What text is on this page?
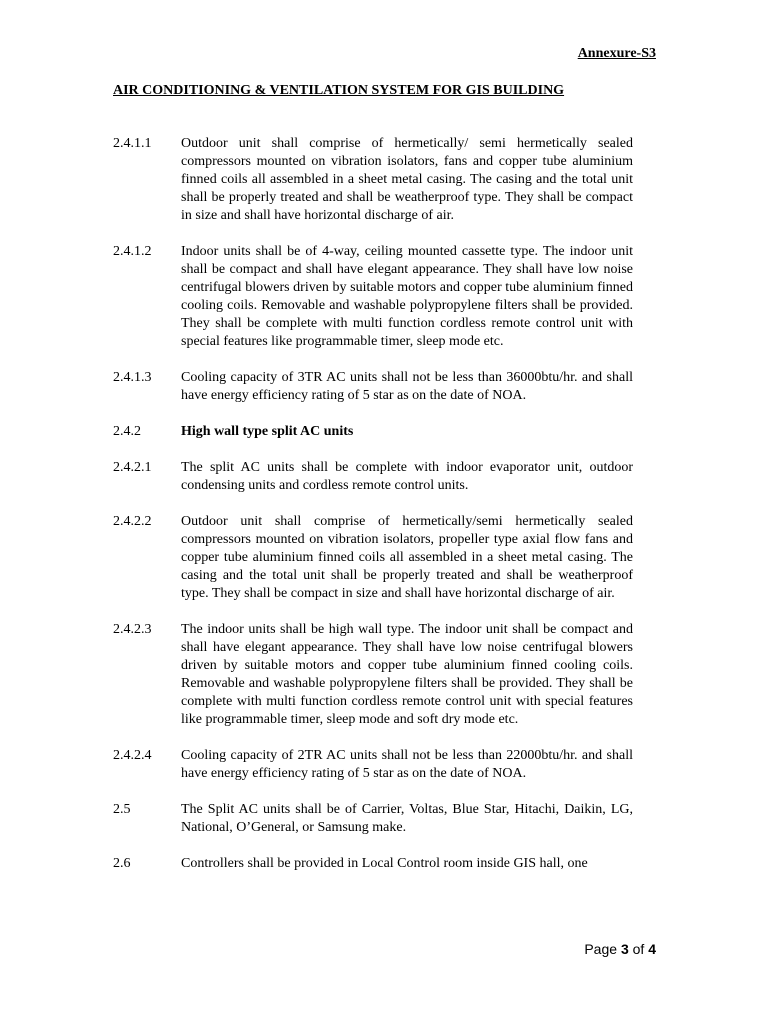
Annexure-S3
AIR CONDITIONING & VENTILATION SYSTEM FOR GIS BUILDING
2.4.1.1	Outdoor unit shall comprise of hermetically/ semi hermetically sealed compressors mounted on vibration isolators, fans and copper tube aluminium finned coils all assembled in a sheet metal casing. The casing and the total unit shall be properly treated and shall be weatherproof type. They shall be compact in size and shall have horizontal discharge of air.
2.4.1.2	Indoor units shall be of 4-way, ceiling mounted cassette type. The indoor unit shall be compact and shall have elegant appearance. They shall have low noise centrifugal blowers driven by suitable motors and copper tube aluminium finned cooling coils. Removable and washable polypropylene filters shall be provided. They shall be complete with multi function cordless remote control unit with special features like programmable timer, sleep mode etc.
2.4.1.3	Cooling capacity of 3TR AC units shall not be less than 36000btu/hr. and shall have energy efficiency rating of 5 star as on the date of NOA.
2.4.2	High wall type split AC units
2.4.2.1	The split AC units shall be complete with indoor evaporator unit, outdoor condensing units and cordless remote control units.
2.4.2.2	Outdoor unit shall comprise of hermetically/semi hermetically sealed compressors mounted on vibration isolators, propeller type axial flow fans and copper tube aluminium finned coils all assembled in a sheet metal casing. The casing and the total unit shall be properly treated and shall be weatherproof type. They shall be compact in size and shall have horizontal discharge of air.
2.4.2.3	The indoor units shall be high wall type. The indoor unit shall be compact and shall have elegant appearance. They shall have low noise centrifugal blowers driven by suitable motors and copper tube aluminium finned cooling coils. Removable and washable polypropylene filters shall be provided. They shall be complete with multi function cordless remote control unit with special features like programmable timer, sleep mode and soft dry mode etc.
2.4.2.4	Cooling capacity of 2TR AC units shall not be less than 22000btu/hr. and shall have energy efficiency rating of 5 star as on the date of NOA.
2.5	The Split AC units shall be of Carrier, Voltas, Blue Star, Hitachi, Daikin, LG, National, O’General, or Samsung make.
2.6	Controllers shall be provided in Local Control room inside GIS hall, one
Page 3 of 4
